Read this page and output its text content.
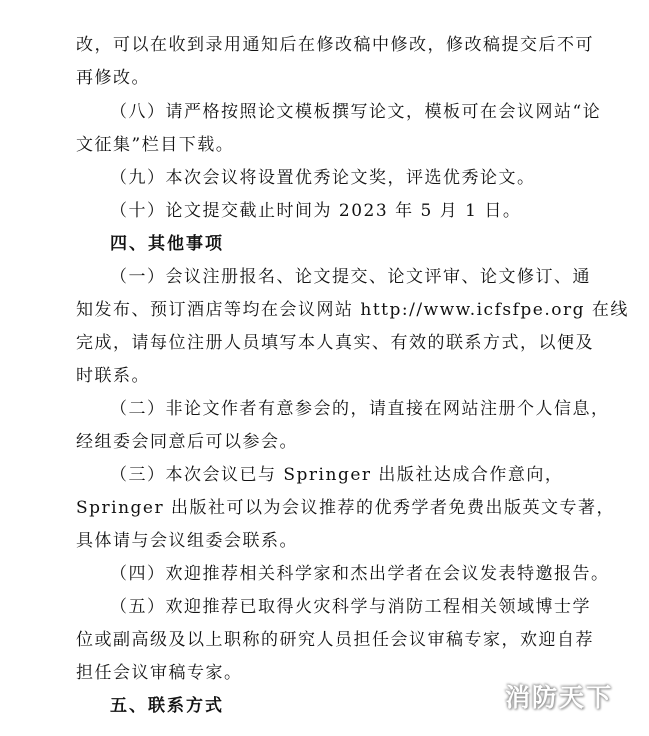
改，可以在收到录用通知后在修改稿中修改，修改稿提交后不可
再修改。
（八）请严格按照论文模板撰写论文，模板可在会议网站“论
文征集”栏目下载。
（九）本次会议将设置优秀论文奖，评选优秀论文。
（十）论文提交截止时间为 2023 年 5 月 1 日。
四、其他事项
（一）会议注册报名、论文提交、论文评审、论文修订、通
知发布、预订酒店等均在会议网站 http://www.icfsfpe.org 在线
完成，请每位注册人员填写本人真实、有效的联系方式，以便及
时联系。
（二）非论文作者有意参会的，请直接在网站注册个人信息，
经组委会同意后可以参会。
（三）本次会议已与 Springer 出版社达成合作意向，
Springer 出版社可以为会议推荐的优秀学者免费出版英文专著，
具体请与会议组委会联系。
（四）欢迎推荐相关科学家和杰出学者在会议发表特邀报告。
（五）欢迎推荐已取得火灾科学与消防工程相关领域博士学
位或副高级及以上职称的研究人员担任会议审稿专家，欢迎自荐
担任会议审稿专家。
五、联系方式	消防天下
